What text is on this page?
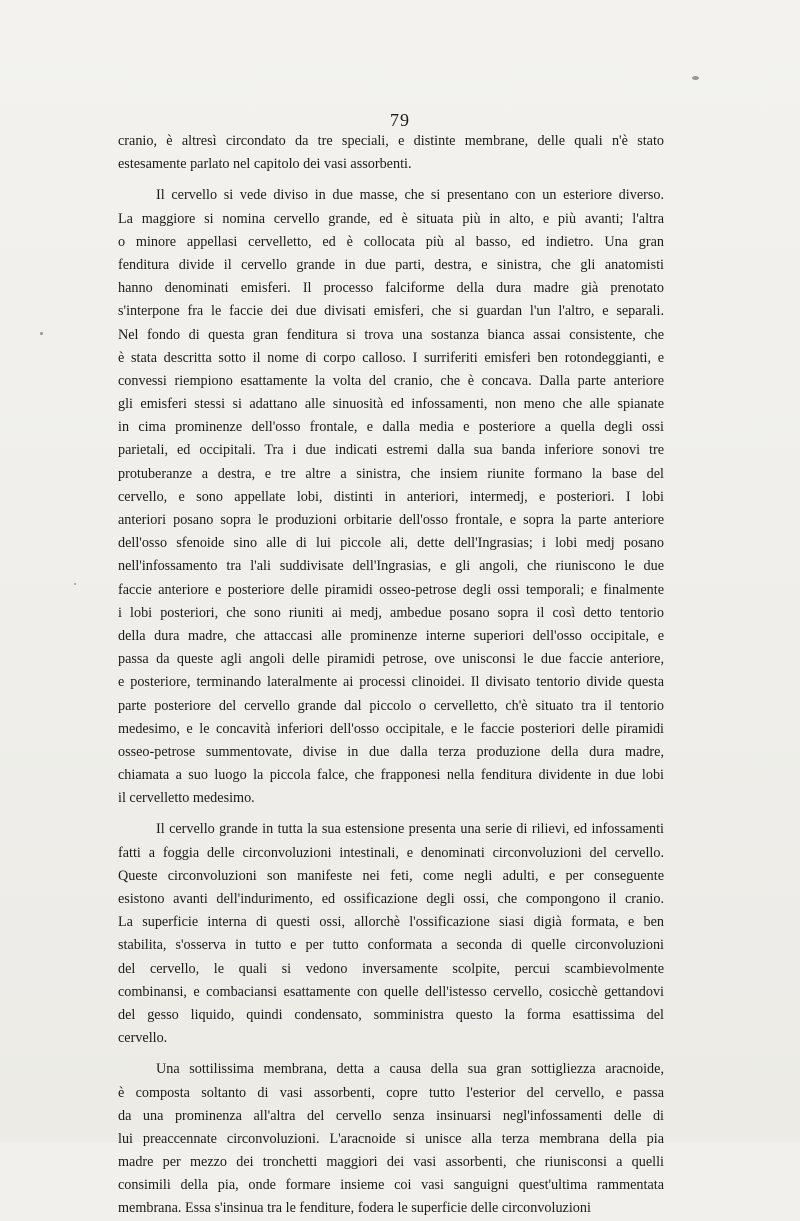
79
cranio, è altresì circondato da tre speciali, e distinte membrane, delle quali n'è stato
estesamente parlato nel capitolo dei vasi assorbenti.
Il cervello si vede diviso in due masse, che si presentano con un esteriore diverso.
La maggiore si nomina cervello grande, ed è situata più in alto, e più avanti; l'altra
o minore appellasi cervelletto, ed è collocata più al basso, ed indietro. Una gran
fenditura divide il cervello grande in due parti, destra, e sinistra, che gli anatomisti
hanno denominati emisferi. Il processo falciforme della dura madre già prenotato
s'interpone fra le faccie dei due divisati emisferi, che si guardan l'un l'altro, e separali.
Nel fondo di questa gran fenditura si trova una sostanza bianca assai consistente, che
è stata descritta sotto il nome di corpo calloso. I surriferiti emisferi ben rotondeggianti, e
convessi riempiono esattamente la volta del cranio, che è concava. Dalla parte anteriore
gli emisferi stessi si adattano alle sinuosità ed infossamenti, non meno che alle spianate
in cima prominenze dell'osso frontale, e dalla media e posteriore a quella degli ossi
parietali, ed occipitali. Tra i due indicati estremi dalla sua banda inferiore sonovi tre
protuberanze a destra, e tre altre a sinistra, che insiem riunite formano la base del
cervello, e sono appellate lobi, distinti in anteriori, intermedj, e posteriori. I lobi
anteriori posano sopra le produzioni orbitarie dell'osso frontale, e sopra la parte anteriore
dell'osso sfenoide sino alle di lui piccole ali, dette dell'Ingrasias; i lobi medj posano
nell'infossamento tra l'ali suddivisate dell'Ingrasias, e gli angoli, che riuniscono le due
faccie anteriore e posteriore delle piramidi osseo-petrose degli ossi temporali; e finalmente
i lobi posteriori, che sono riuniti ai medj, ambedue posano sopra il così detto tentorio
della dura madre, che attaccasi alle prominenze interne superiori dell'osso occipitale, e
passa da queste agli angoli delle piramidi petrose, ove unisconsi le due faccie anteriore,
e posteriore, terminando lateralmente ai processi clinoidei. Il divisato tentorio divide questa
parte posteriore del cervello grande dal piccolo o cervelletto, ch'è situato tra il tentorio
medesimo, e le concavità inferiori dell'osso occipitale, e le faccie posteriori delle piramidi
osseo-petrose summentovate, divise in due dalla terza produzione della dura madre,
chiamata a suo luogo la piccola falce, che frapponesi nella fenditura dividente in due lobi
il cervelletto medesimo.
Il cervello grande in tutta la sua estensione presenta una serie di rilievi, ed infossamenti
fatti a foggia delle circonvoluzioni intestinali, e denominati circonvoluzioni del cervello.
Queste circonvoluzioni son manifeste nei feti, come negli adulti, e per conseguente
esistono avanti dell'indurimento, ed ossificazione degli ossi, che compongono il cranio.
La superficie interna di questi ossi, allorchè l'ossificazione siasi digià formata, e ben
stabilita, s'osserva in tutto e per tutto conformata a seconda di quelle circonvoluzioni
del cervello, le quali si vedono inversamente scolpite, percui scambievolmente
combinansi, e combaciansi esattamente con quelle dell'istesso cervello, cosicchè gettandovi
del gesso liquido, quindi condensato, somministra questo la forma esattissima del
cervello.
Una sottilissima membrana, detta a causa della sua gran sottigliezza aracnoide,
è composta soltanto di vasi assorbenti, copre tutto l'esterior del cervello, e passa
da una prominenza all'altra del cervello senza insinuarsi negl'infossamenti delle di
lui preaccennate circonvoluzioni. L'aracnoide si unisce alla terza membrana della pia
madre per mezzo dei tronchetti maggiori dei vasi assorbenti, che riunisconsi a quelli
consimili della pia, onde formare insieme coi vasi sanguigni quest'ultima rammentata
membrana. Essa s'insinua tra le fenditure, fodera le superficie delle circonvoluzioni
